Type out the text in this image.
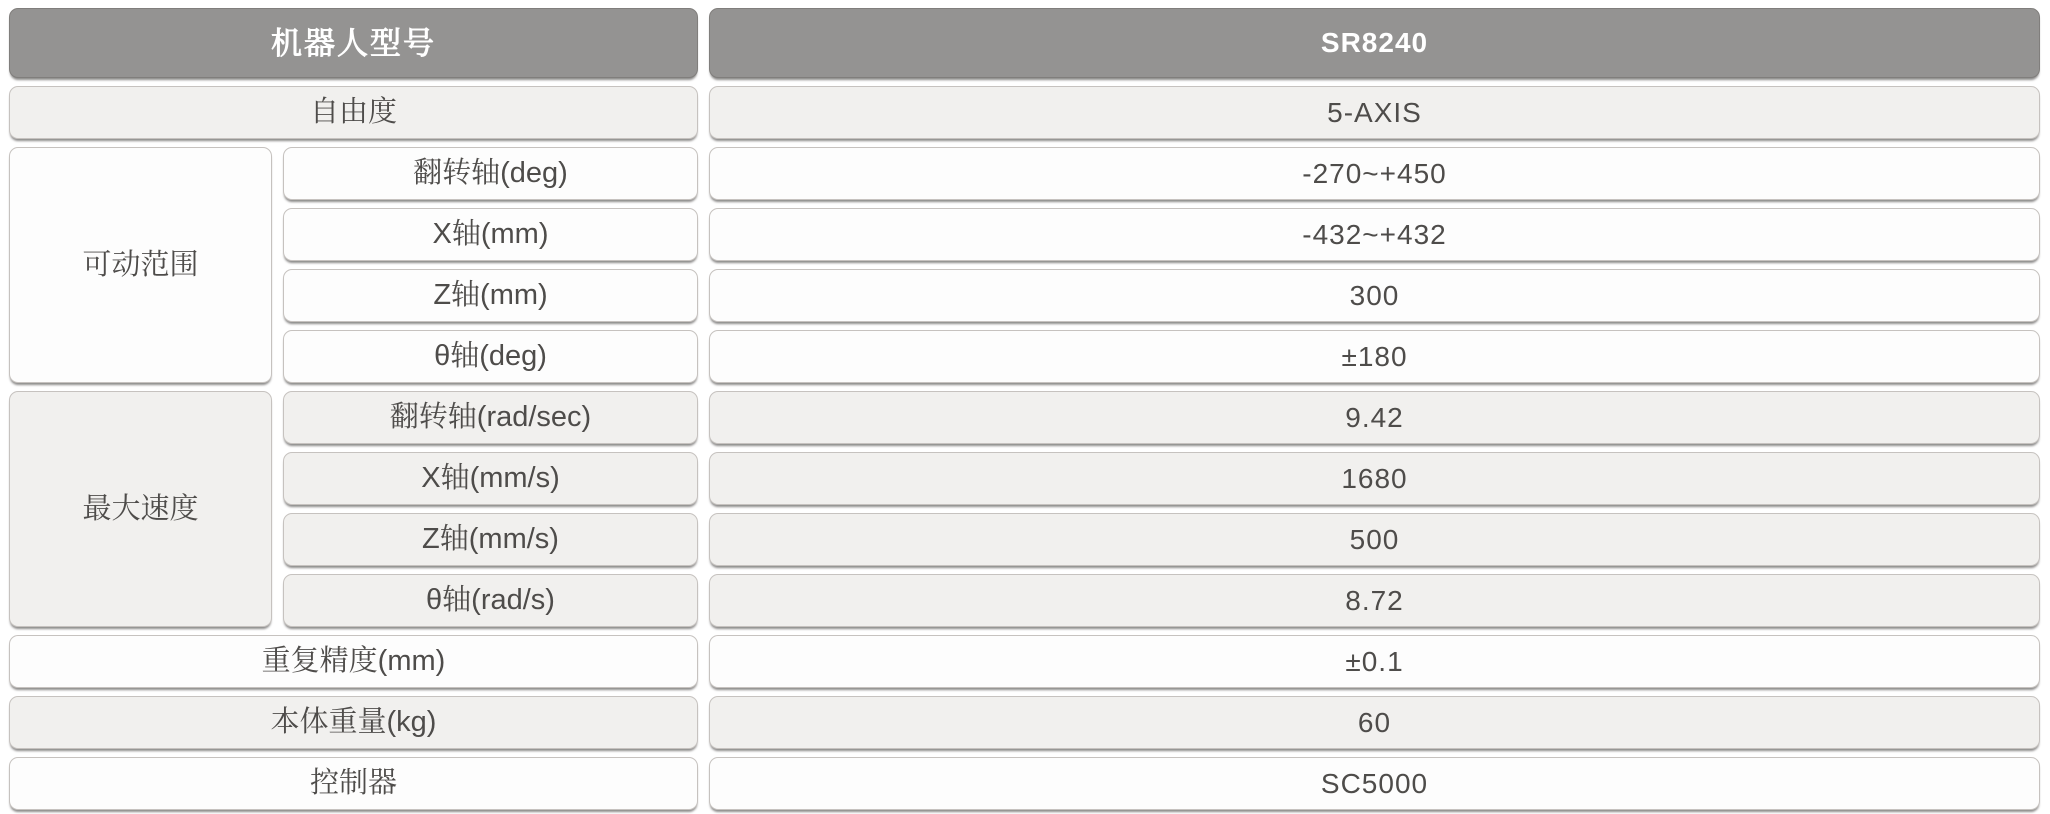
机器人型号	SR8240
自由度	5-AXIS
可动范围
翻转轴(deg)	-270~+450
X轴(mm)	-432~+432
Z轴(mm)	300
θ轴(deg)	±180
最大速度
翻转轴(rad/sec)	9.42
X轴(mm/s)	1680
Z轴(mm/s)	500
θ轴(rad/s)	8.72
重复精度(mm)	±0.1
本体重量(kg)	60
控制器	SC5000
